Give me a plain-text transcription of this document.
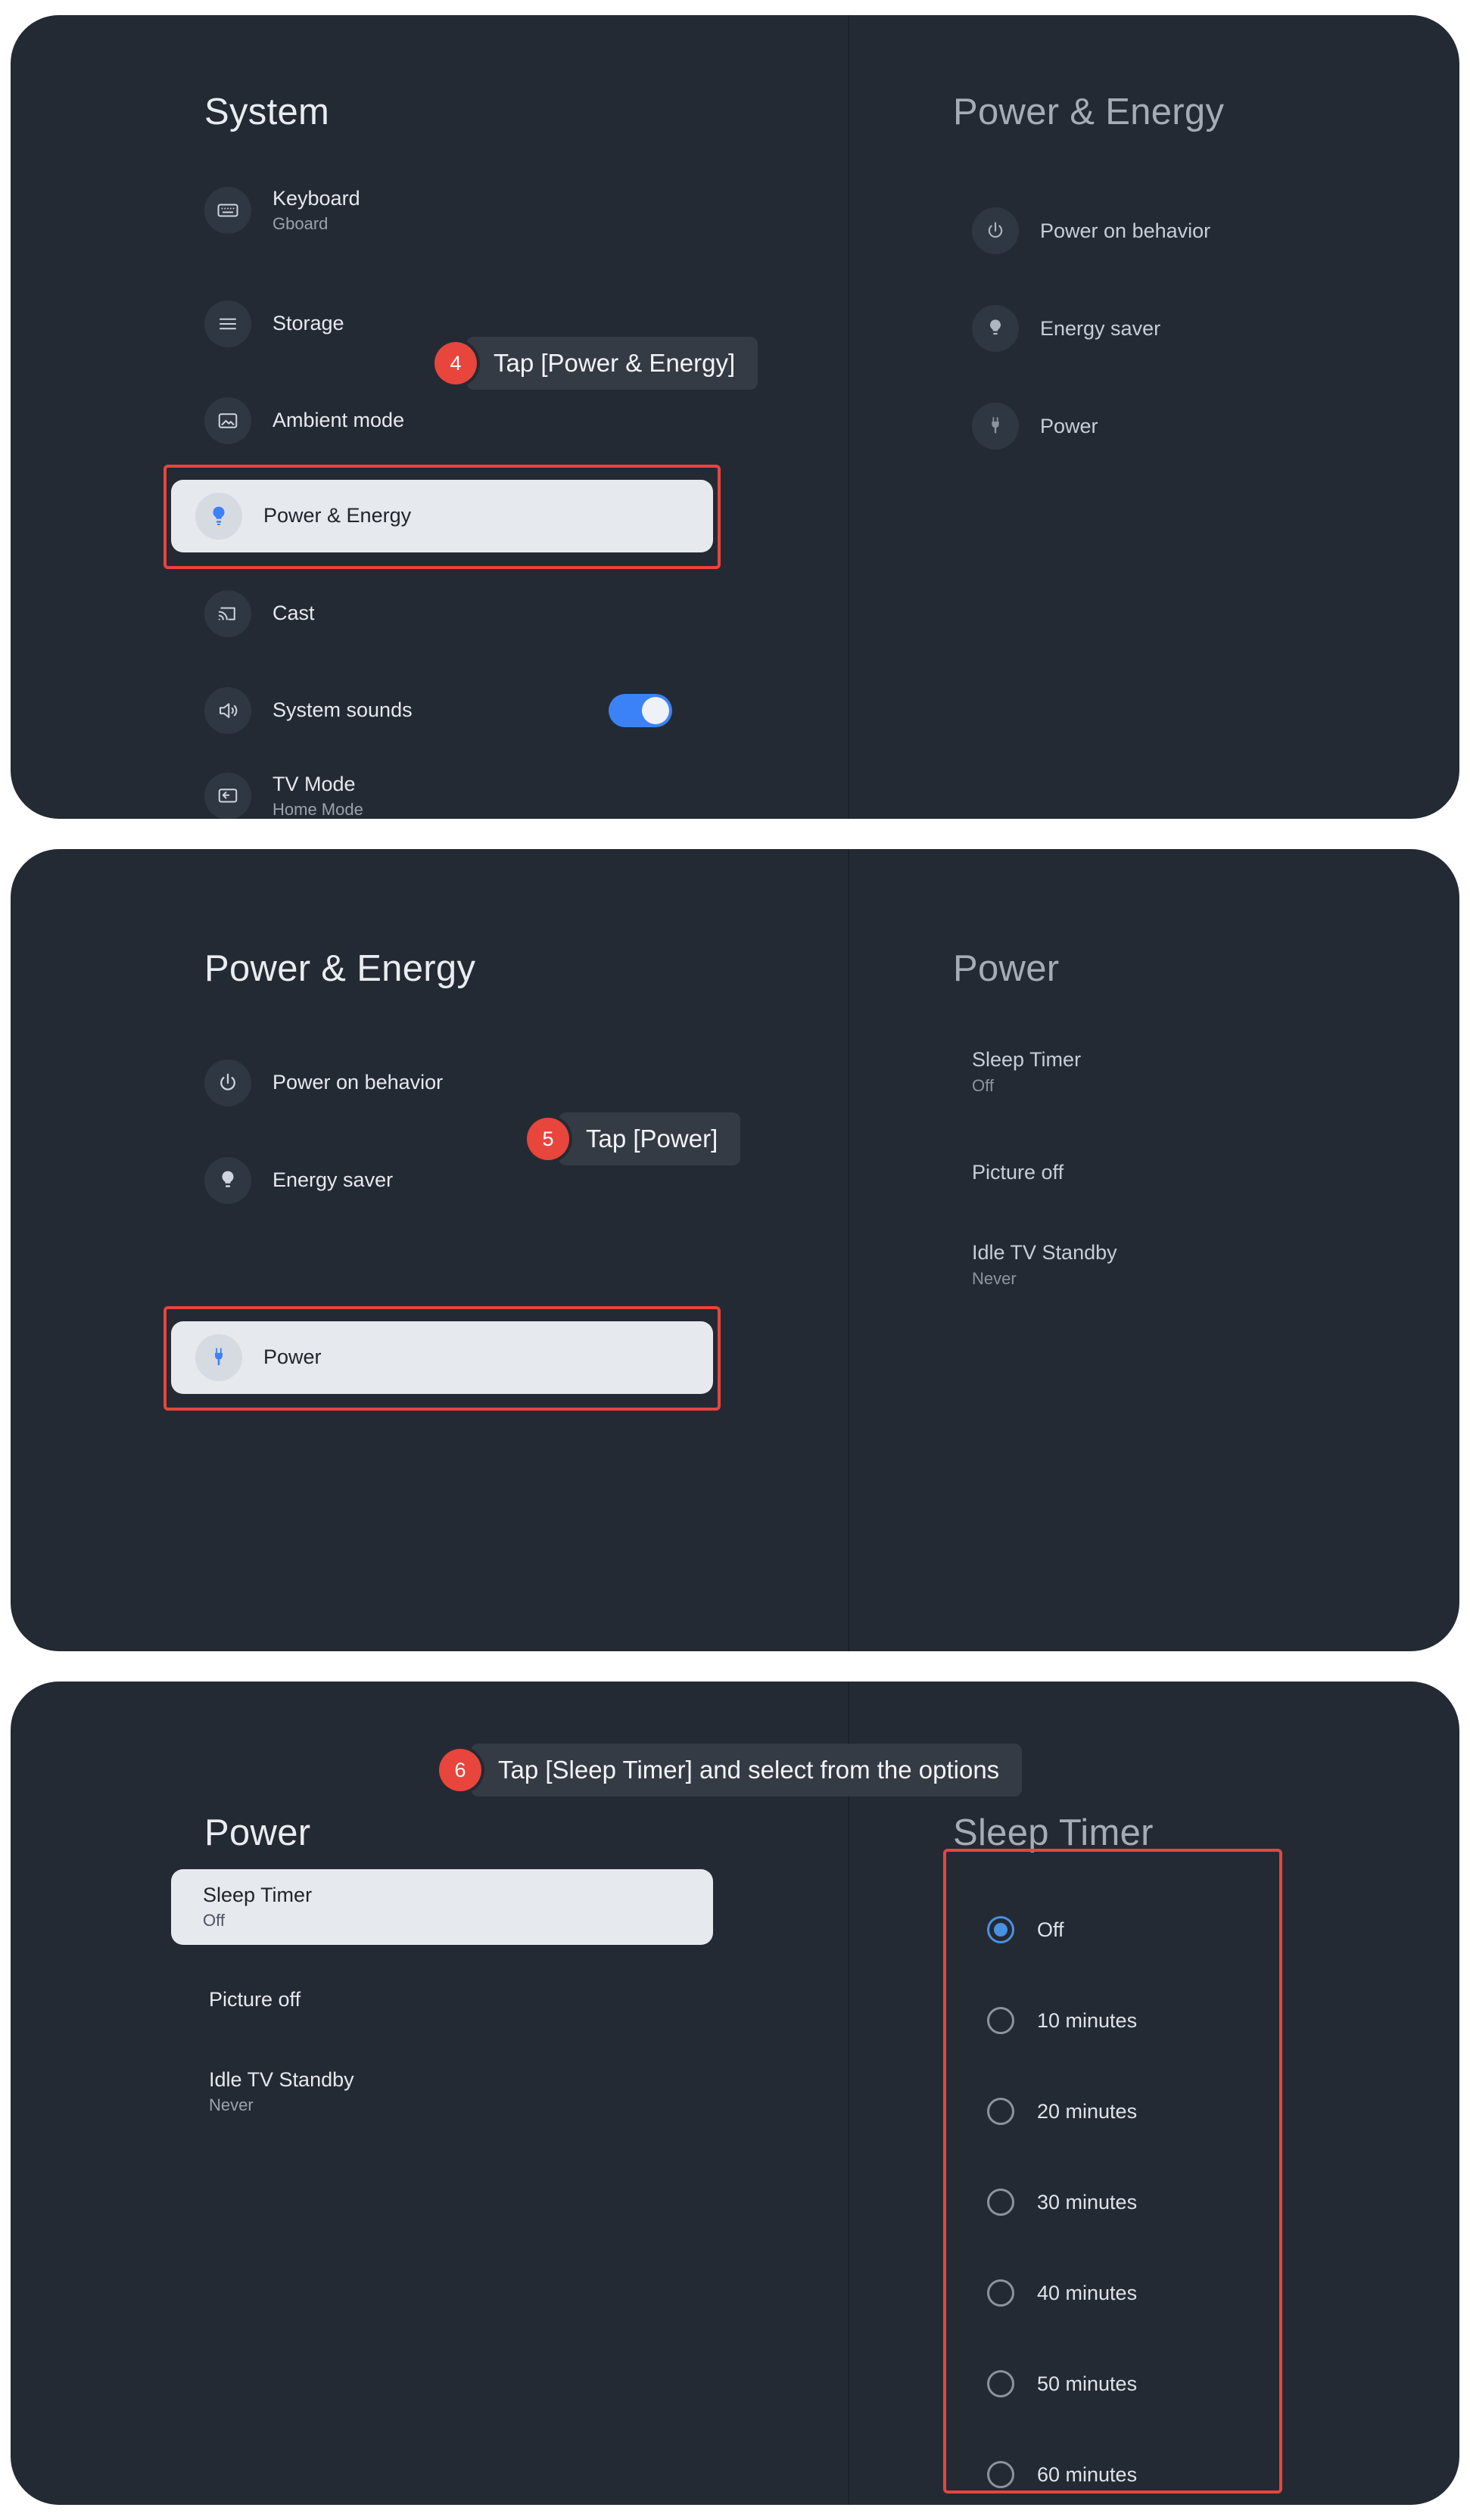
System	Power & Energy
Keyboard
Gboard
Storage
Ambient mode
Power & Energy
Cast
System sounds
TV Mode
Home Mode
Power on behavior
Energy saver
Power
4	Tap [Power & Energy]
Power & Energy	Power
Power on behavior
Energy saver
Power
Sleep Timer
Off
Picture off
Idle TV Standby
Never
5	Tap [Power]
Power	Sleep Timer
Sleep Timer
Off
Picture off
Idle TV Standby
Never
Off
10 minutes
20 minutes
30 minutes
40 minutes
50 minutes
60 minutes
6	Tap [Sleep Timer] and select from the options
